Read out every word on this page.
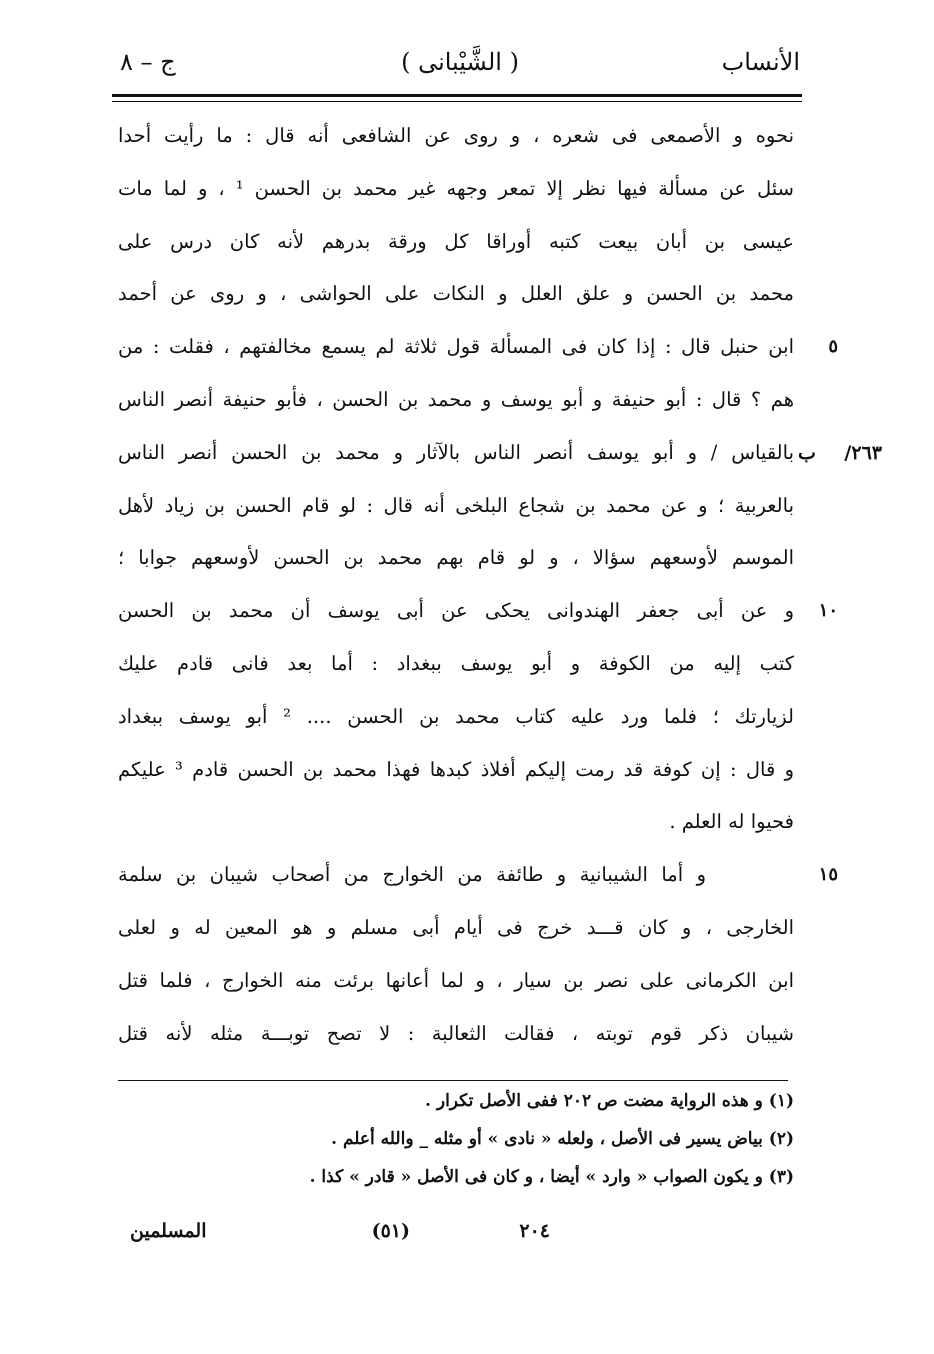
الأنساب
( الشَّيْبانى )
ج – ٨
نحوه و الأصمعى فى شعره ، و روى عن الشافعى أنه قال : ما رأيت أحدا
سئل عن مسألة فيها نظر إلا تمعر وجهه غير محمد بن الحسن ¹ ، و لما مات
عيسى بن أبان بيعت كتبه أوراقا كل ورقة بدرهم لأنه كان درس على
محمد بن الحسن و علق العلل و النكات على الحواشى ، و روى عن أحمد
٥
ابن حنبل قال : إذا كان فى المسألة قول ثلاثة لم يسمع مخالفتهم ، فقلت : من
هم ؟ قال : أبو حنيفة و أبو يوسف و محمد بن الحسن ، فأبو حنيفة أنصر الناس
٢٦٣/ ب
بالقياس / و أبو يوسف أنصر الناس بالآثار و محمد بن الحسن أنصر الناس
بالعربية ؛ و عن محمد بن شجاع البلخى أنه قال : لو قام الحسن بن زياد لأهل
الموسم لأوسعهم سؤالا ، و لو قام بهم محمد بن الحسن لأوسعهم جوابا ؛
١٠
و عن أبى جعفر الهندوانى يحكى عن أبى يوسف أن محمد بن الحسن
كتب إليه من الكوفة و أبو يوسف ببغداد : أما بعد فانى قادم عليك
لزيارتك ؛ فلما ورد عليه كتاب محمد بن الحسن .... ² أبو يوسف ببغداد
و قال : إن كوفة قد رمت إليكم أفلاذ كبدها فهذا محمد بن الحسن قادم ³ عليكم
فحيوا له العلم .
١٥
و أما الشيبانية و طائفة من الخوارج من أصحاب شيبان بن سلمة
الخارجى ، و كان قـــد خرج فى أيام أبى مسلم و هو المعين له و لعلى
ابن الكرمانى على نصر بن سيار ، و لما أعانها برئت منه الخوارج ، فلما قتل
شيبان ذكر قوم توبته ، فقالت الثعالبة : لا تصح توبـــة مثله لأنه قتل
(١) و هذه الرواية مضت ص ٢٠٢ ففى الأصل تكرار .
(٢) بياض يسير فى الأصل ، ولعله « نادى » أو مثله _ والله أعلم .
(٣) و يكون الصواب « وارد » أيضا ، و كان فى الأصل « قادر » كذا .
٢٠٤
(٥١)
المسلمين
